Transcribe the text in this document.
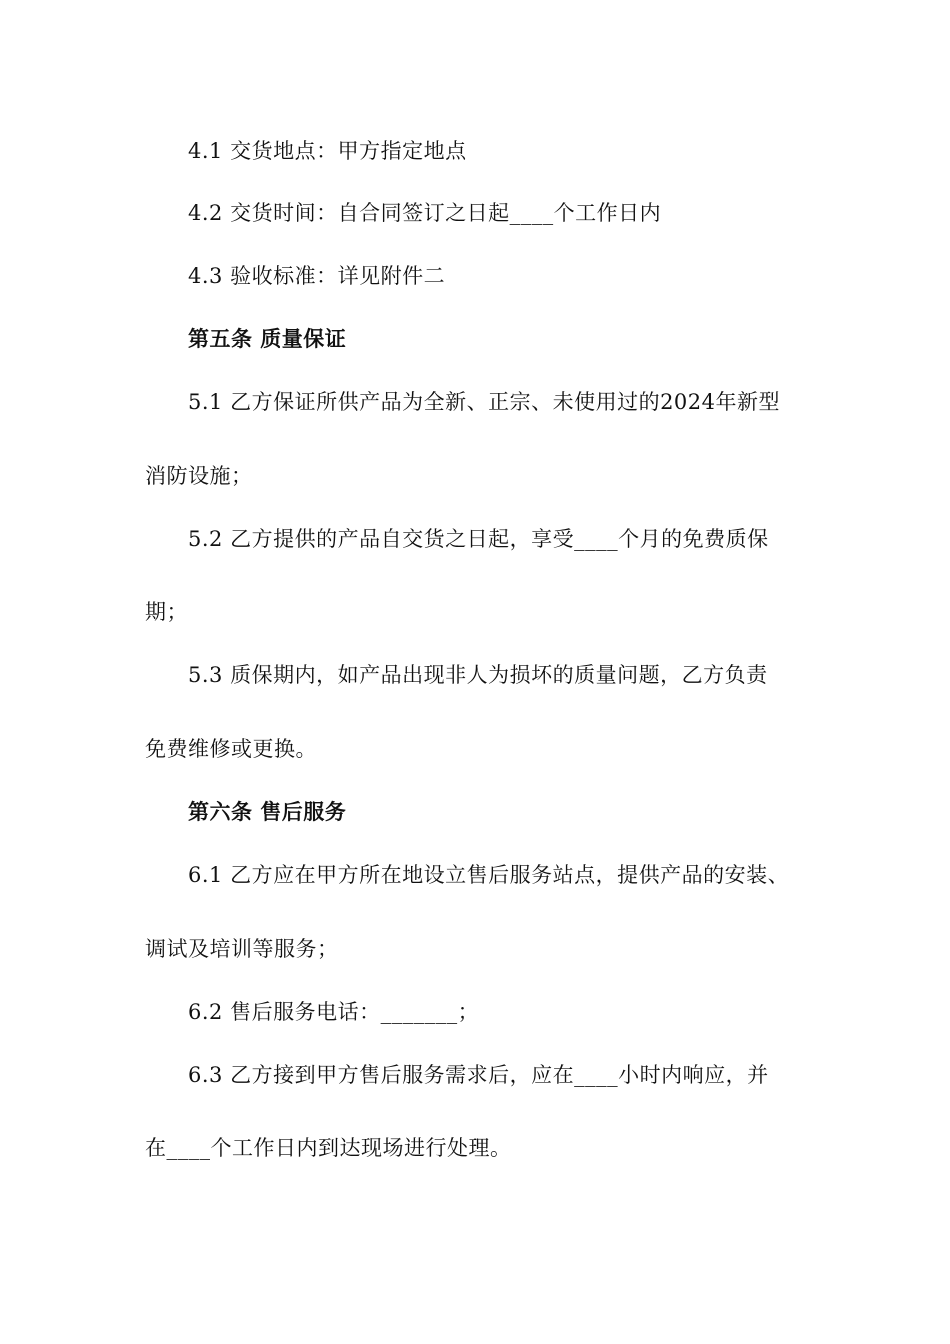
4.1 交货地点：甲方指定地点
4.2 交货时间：自合同签订之日起____个工作日内
4.3 验收标准：详见附件二
第五条 质量保证
5.1 乙方保证所供产品为全新、正宗、未使用过的2024年新型
消防设施；
5.2 乙方提供的产品自交货之日起，享受____个月的免费质保
期；
5.3 质保期内，如产品出现非人为损坏的质量问题，乙方负责
免费维修或更换。
第六条 售后服务
6.1 乙方应在甲方所在地设立售后服务站点，提供产品的安装、
调试及培训等服务；
6.2 售后服务电话：_______；
6.3 乙方接到甲方售后服务需求后，应在____小时内响应，并
在____个工作日内到达现场进行处理。
